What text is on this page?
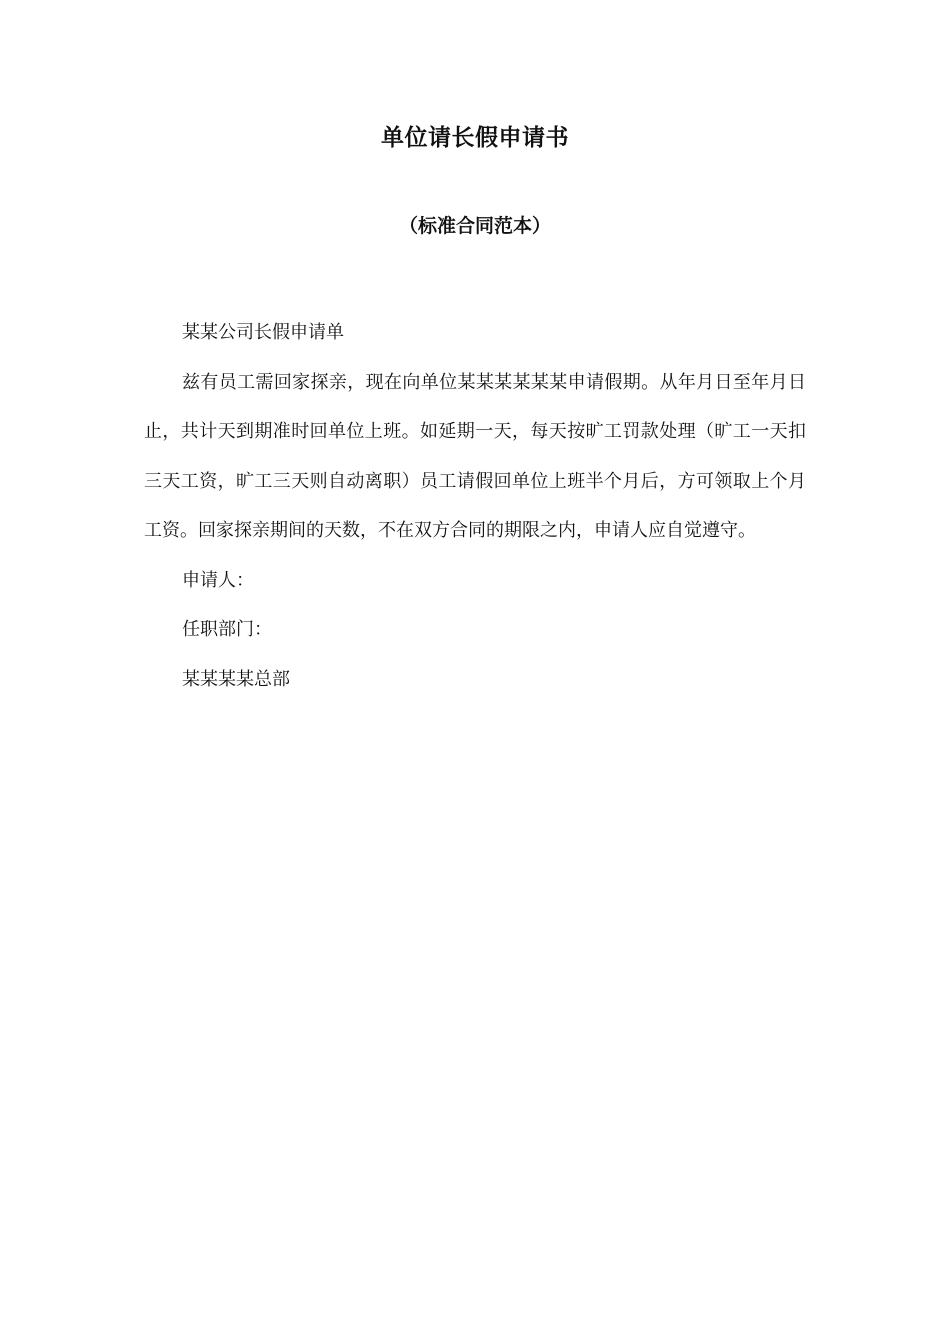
单位请长假申请书
（标准合同范本）

某某公司长假申请单

兹有员工需回家探亲，现在向单位某某某某某某申请假期。从年月日至年月日止，共计天到期准时回单位上班。如延期一天，每天按旷工罚款处理（旷工一天扣三天工资，旷工三天则自动离职）员工请假回单位上班半个月后，方可领取上个月工资。回家探亲期间的天数，不在双方合同的期限之内，申请人应自觉遵守。

申请人：

任职部门：

某某某某总部
